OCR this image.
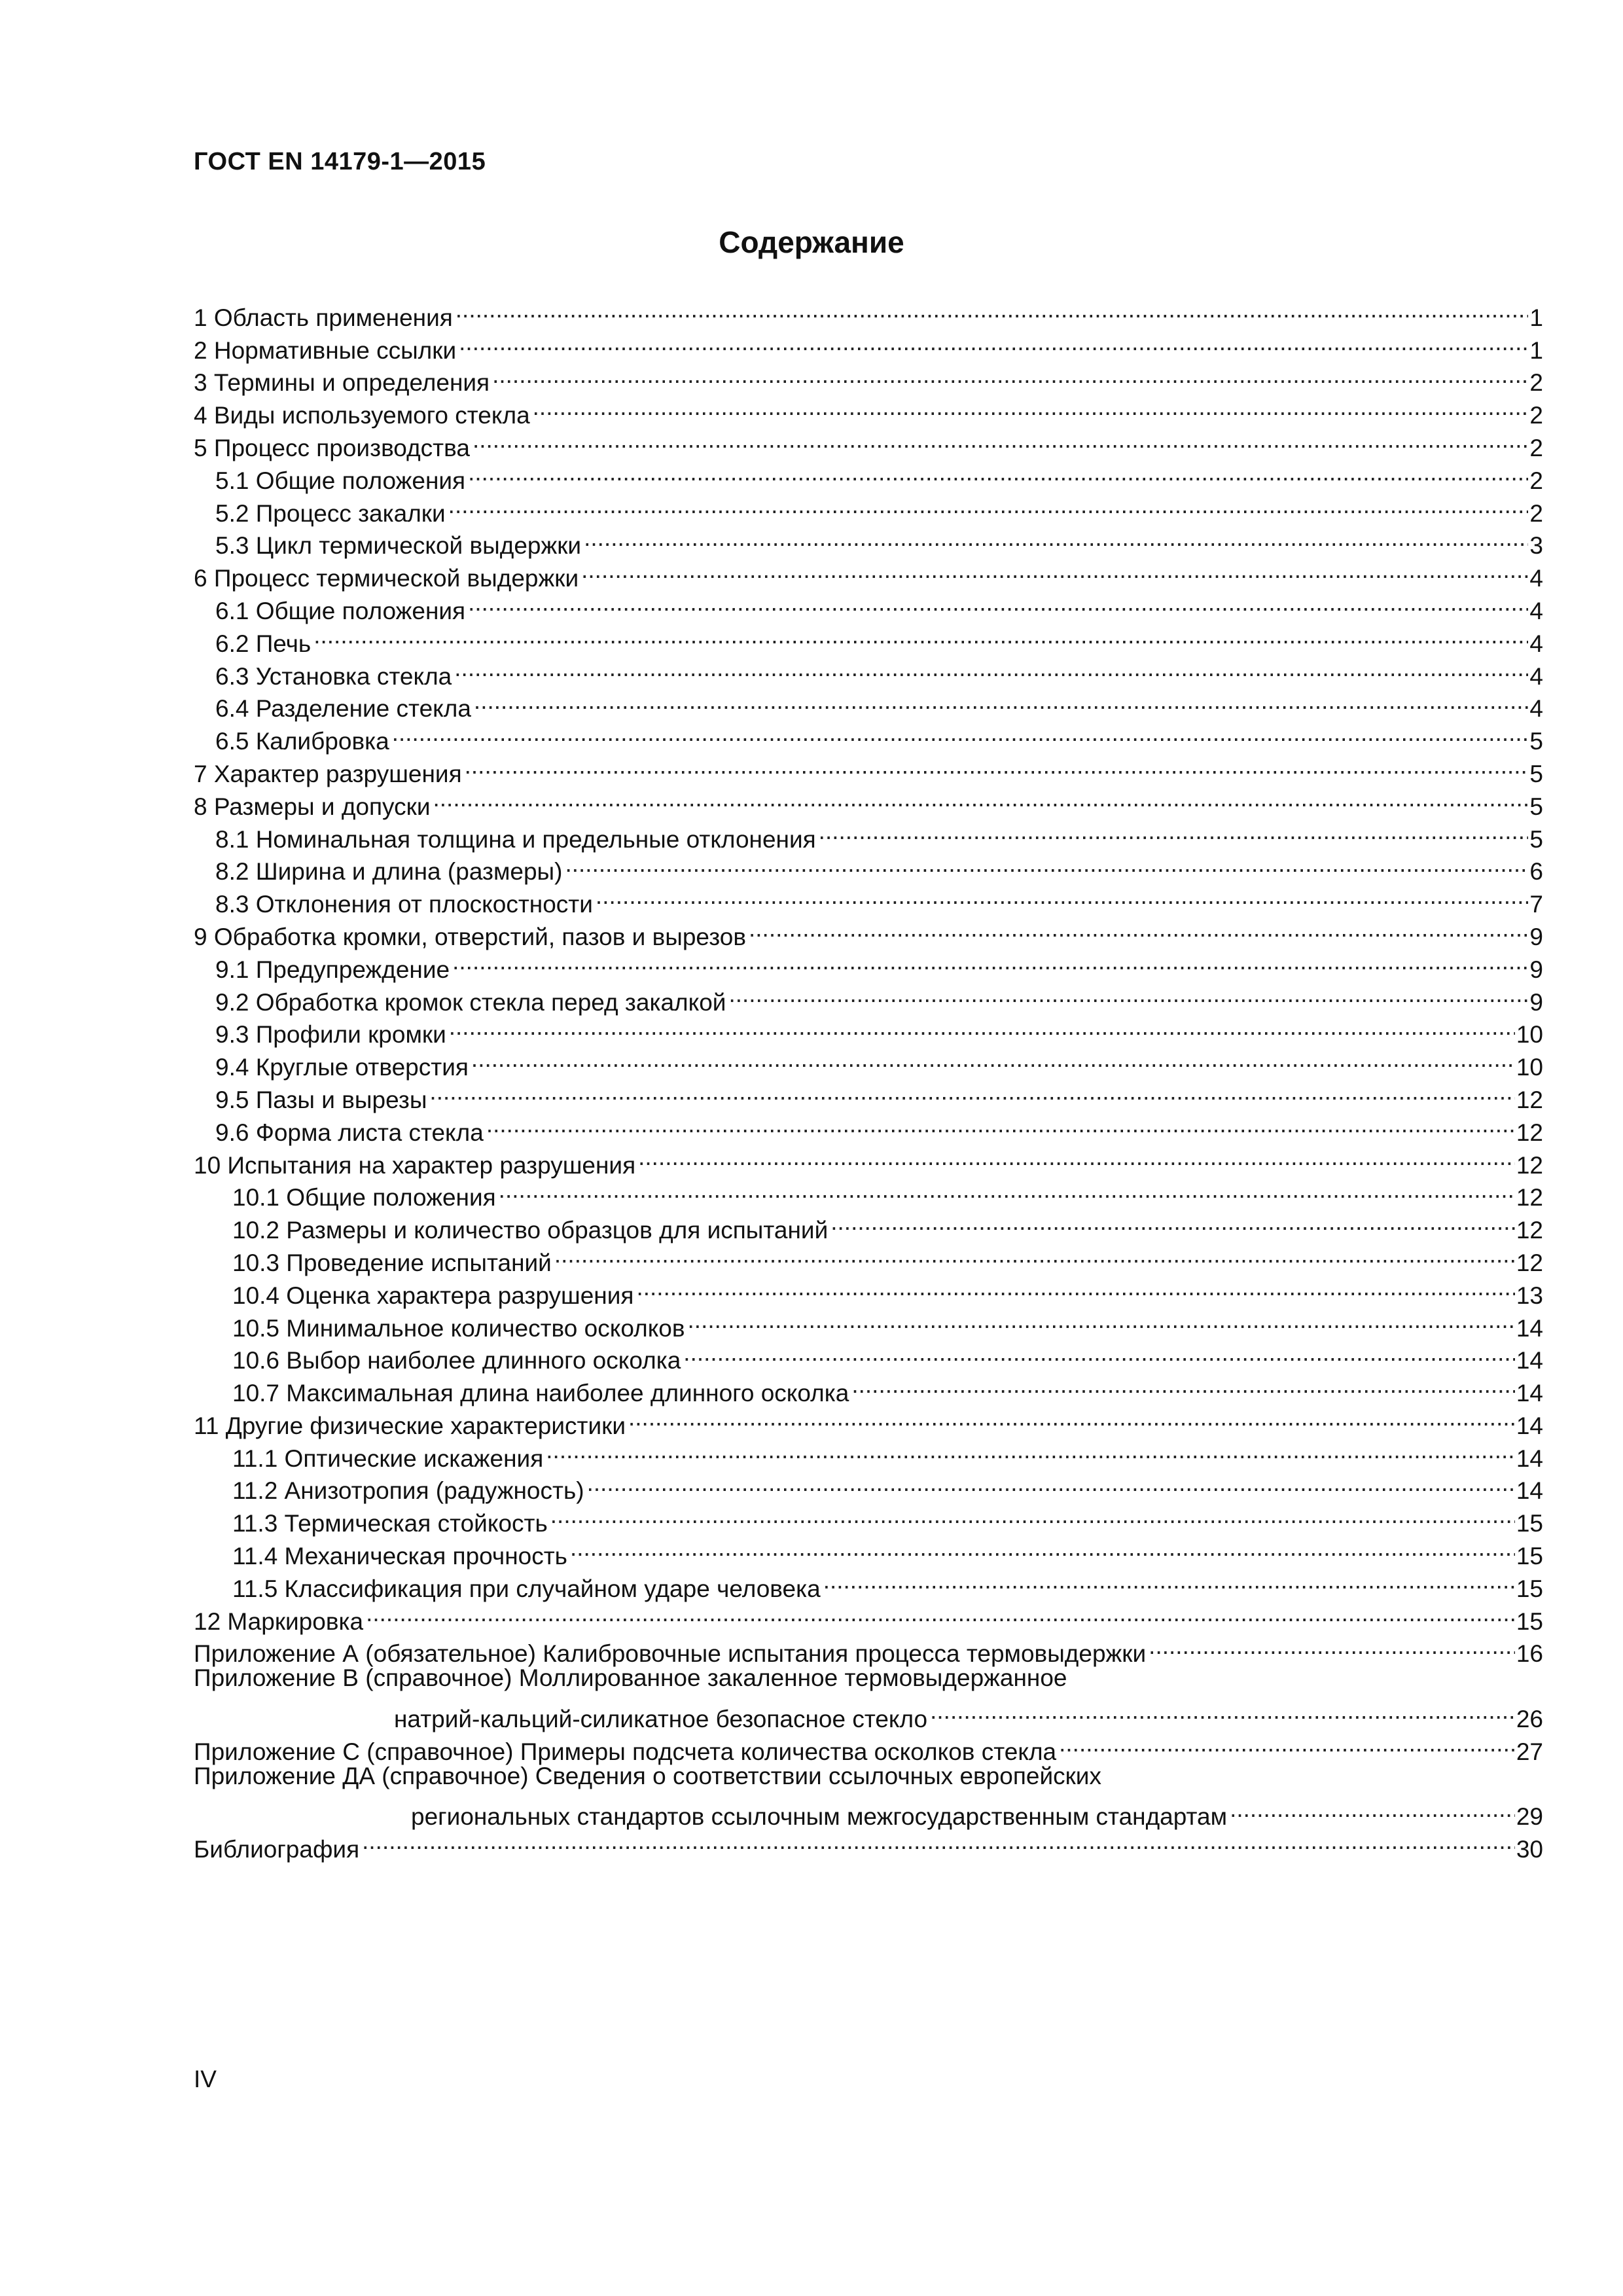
ГОСТ EN 14179-1—2015
Содержание
1 Область применения .....	1
2 Нормативные ссылки .....	1
3 Термины и определения .....	2
4 Виды используемого стекла .....	2
5 Процесс производства .....	2
5.1 Общие положения .....	2
5.2 Процесс закалки .....	2
5.3 Цикл термической выдержки .....	3
6 Процесс термической выдержки .....	4
6.1 Общие положения .....	4
6.2 Печь .....	4
6.3 Установка стекла .....	4
6.4 Разделение стекла .....	4
6.5 Калибровка .....	5
7 Характер разрушения .....	5
8 Размеры и допуски .....	5
8.1 Номинальная толщина и предельные отклонения .....	5
8.2 Ширина и длина (размеры) .....	6
8.3 Отклонения от плоскостности .....	7
9 Обработка кромки, отверстий, пазов и вырезов .....	9
9.1 Предупреждение .....	9
9.2 Обработка кромок стекла перед закалкой .....	9
9.3 Профили кромки .....	10
9.4 Круглые отверстия .....	10
9.5 Пазы и вырезы .....	12
9.6 Форма листа стекла .....	12
10 Испытания на характер разрушения .....	12
10.1 Общие положения .....	12
10.2 Размеры и количество образцов для испытаний .....	12
10.3 Проведение испытаний .....	12
10.4 Оценка характера разрушения .....	13
10.5 Минимальное количество осколков .....	14
10.6 Выбор наиболее длинного осколка .....	14
10.7 Максимальная длина наиболее длинного осколка .....	14
11 Другие физические характеристики .....	14
11.1 Оптические искажения .....	14
11.2 Анизотропия (радужность) .....	14
11.3 Термическая стойкость .....	15
11.4 Механическая прочность .....	15
11.5 Классификация при случайном ударе человека .....	15
12 Маркировка .....	15
Приложение А (обязательное) Калибровочные испытания процесса термовыдержки .....	16
Приложение В (справочное) Моллированное закаленное термовыдержанное
натрий-кальций-силикатное безопасное стекло .....	26
Приложение С (справочное) Примеры подсчета количества осколков стекла .....	27
Приложение ДА (справочное) Сведения о соответствии ссылочных европейских
региональных стандартов ссылочным межгосударственным стандартам .....	29
Библиография .....	30
IV
